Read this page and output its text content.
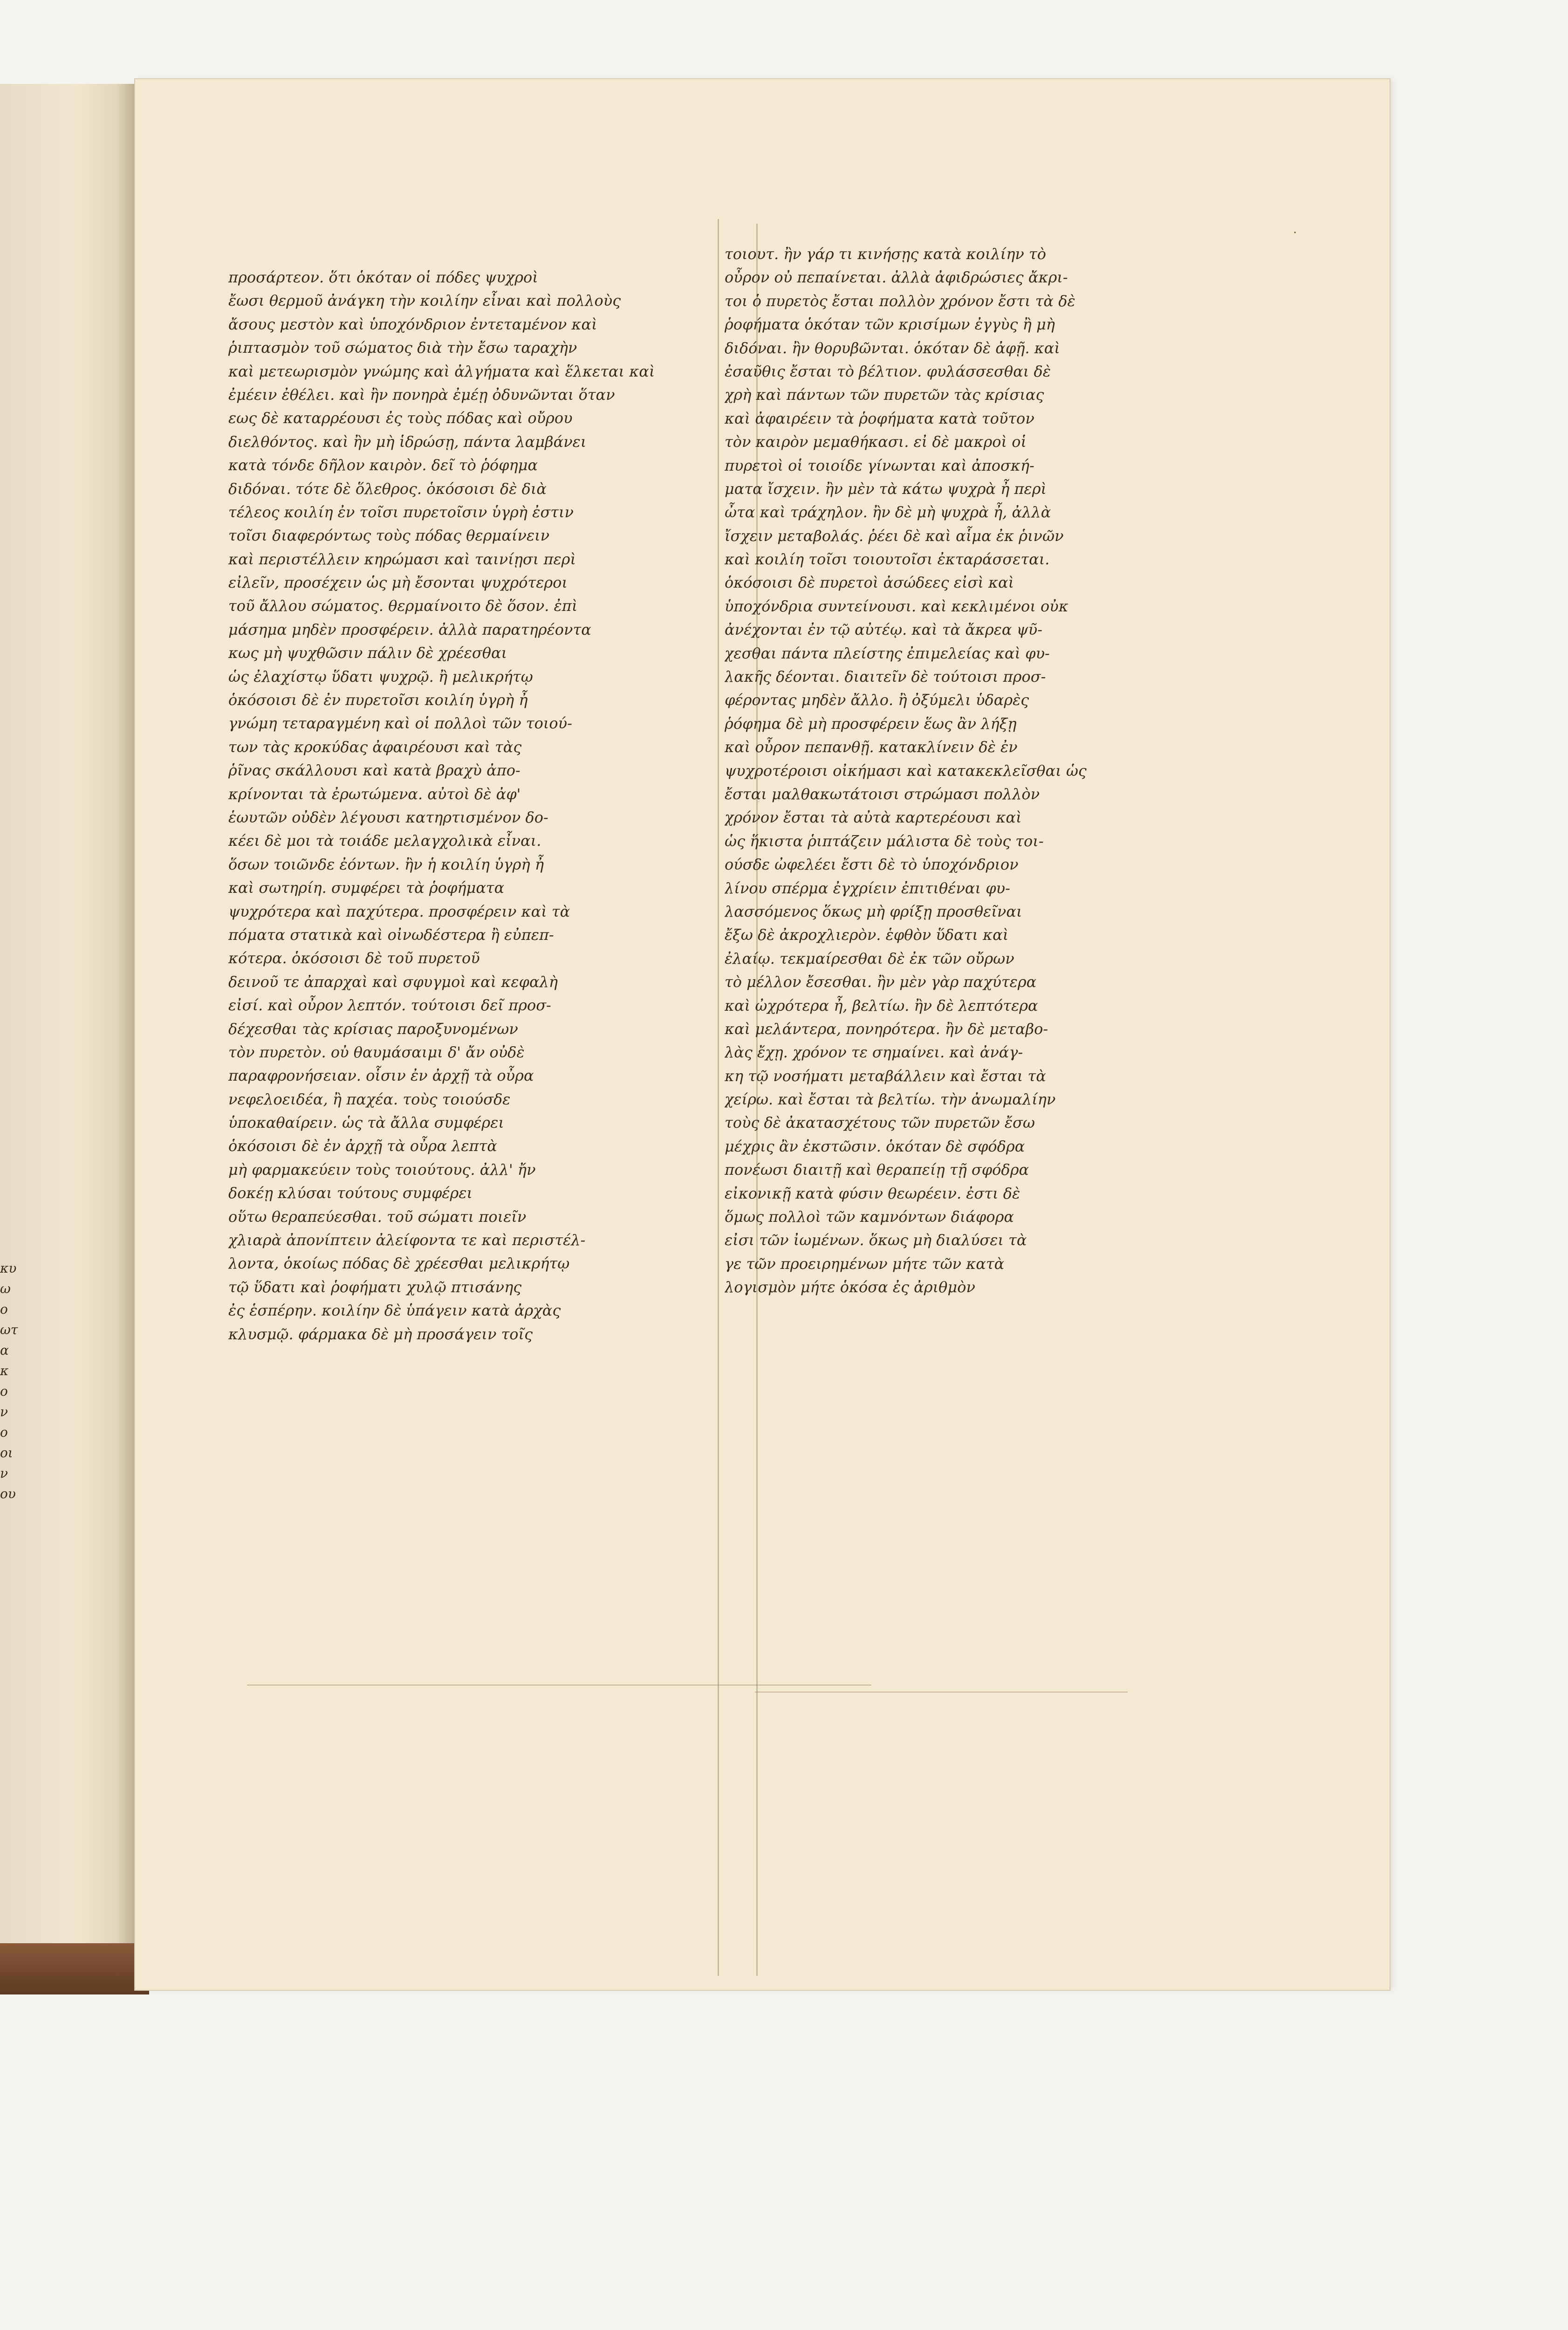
κυ
ω
ο
ωτ
α
κ
ο
ν
ο
οι
ν
ου
προσάρτεον. ὅτι ὁκόταν οἱ πόδες ψυχροὶ
ἔωσι θερμοῦ ἀνάγκη τὴν κοιλίην εἶναι καὶ πολλοὺς
ἄσους μεστὸν καὶ ὑποχόνδριον ἐντεταμένον καὶ
ῥιπτασμὸν τοῦ σώματος διὰ τὴν ἔσω ταραχὴν
καὶ μετεωρισμὸν γνώμης καὶ ἀλγήματα καὶ ἕλκεται καὶ
ἐμέειν ἐθέλει. καὶ ἢν πονηρὰ ἐμέῃ ὀδυνῶνται ὅταν
εως δὲ καταρρέουσι ἐς τοὺς πόδας καὶ οὔρου
διελθόντος. καὶ ἢν μὴ ἱδρώσῃ, πάντα λαμβάνει
κατὰ τόνδε δῆλον καιρὸν. δεῖ τὸ ῥόφημα
διδόναι. τότε δὲ ὅλεθρος. ὁκόσοισι δὲ διὰ
τέλεος κοιλίη ἐν τοῖσι πυρετοῖσιν ὑγρὴ ἐστιν
τοῖσι διαφερόντως τοὺς πόδας θερμαίνειν
καὶ περιστέλλειν κηρώμασι καὶ ταινίῃσι περὶ
εἰλεῖν, προσέχειν ὡς μὴ ἔσονται ψυχρότεροι
τοῦ ἄλλου σώματος. θερμαίνοιτο δὲ ὅσον. ἐπὶ
μάσημα μηδὲν προσφέρειν. ἀλλὰ παρατηρέοντα
κως μὴ ψυχθῶσιν πάλιν δὲ χρέεσθαι
ὡς ἐλαχίστῳ ὕδατι ψυχρῷ. ἢ μελικρήτῳ
ὁκόσοισι δὲ ἐν πυρετοῖσι κοιλίη ὑγρὴ ἦ
γνώμη τεταραγμένη καὶ οἱ πολλοὶ τῶν τοιού-
των τὰς κροκύδας ἀφαιρέουσι καὶ τὰς
ῥῖνας σκάλλουσι καὶ κατὰ βραχὺ ἀπο-
κρίνονται τὰ ἐρωτώμενα. αὐτοὶ δὲ ἀφ'
ἑωυτῶν οὐδὲν λέγουσι κατηρτισμένον δο-
κέει δὲ μοι τὰ τοιάδε μελαγχολικὰ εἶναι.
ὅσων τοιῶνδε ἐόντων. ἢν ἡ κοιλίη ὑγρὴ ἦ
καὶ σωτηρίη. συμφέρει τὰ ῥοφήματα
ψυχρότερα καὶ παχύτερα. προσφέρειν καὶ τὰ
πόματα στατικὰ καὶ οἰνωδέστερα ἢ εὐπεπ-
κότερα. ὁκόσοισι δὲ τοῦ πυρετοῦ
δεινοῦ τε ἀπαρχαὶ καὶ σφυγμοὶ καὶ κεφαλὴ
εἰσί. καὶ οὖρον λεπτόν. τούτοισι δεῖ προσ-
δέχεσθαι τὰς κρίσιας παροξυνομένων
τὸν πυρετὸν. οὐ θαυμάσαιμι δ' ἄν οὐδὲ
παραφρονήσειαν. οἷσιν ἐν ἀρχῇ τὰ οὖρα
νεφελοειδέα, ἢ παχέα. τοὺς τοιούσδε
ὑποκαθαίρειν. ὡς τὰ ἄλλα συμφέρει
ὁκόσοισι δὲ ἐν ἀρχῇ τὰ οὖρα λεπτὰ
μὴ φαρμακεύειν τοὺς τοιούτους. ἀλλ' ἤν
δοκέῃ κλύσαι τούτους συμφέρει
οὕτω θεραπεύεσθαι. τοῦ σώματι ποιεῖν
χλιαρὰ ἀπονίπτειν ἀλείφοντα τε καὶ περιστέλ-
λοντα, ὁκοίως πόδας δὲ χρέεσθαι μελικρήτῳ
τῷ ὕδατι καὶ ῥοφήματι χυλῷ πτισάνης
ἐς ἑσπέρην. κοιλίην δὲ ὑπάγειν κατὰ ἀρχὰς
κλυσμῷ. φάρμακα δὲ μὴ προσάγειν τοῖς
τοιουτ. ἢν γάρ τι κινήσῃς κατὰ κοιλίην τὸ
οὖρον οὐ πεπαίνεται. ἀλλὰ ἀφιδρώσιες ἄκρι-
τοι ὁ πυρετὸς ἔσται πολλὸν χρόνον ἔστι τὰ δὲ
ῥοφήματα ὁκόταν τῶν κρισίμων ἐγγὺς ἢ μὴ
διδόναι. ἢν θορυβῶνται. ὁκόταν δὲ ἀφῇ. καὶ
ἐσαῦθις ἔσται τὸ βέλτιον. φυλάσσεσθαι δὲ
χρὴ καὶ πάντων τῶν πυρετῶν τὰς κρίσιας
καὶ ἀφαιρέειν τὰ ῥοφήματα κατὰ τοῦτον
τὸν καιρὸν μεμαθήκασι. εἰ δὲ μακροὶ οἱ
πυρετοὶ οἱ τοιοίδε γίνωνται καὶ ἀποσκή-
ματα ἴσχειν. ἢν μὲν τὰ κάτω ψυχρὰ ἦ περὶ
ὦτα καὶ τράχηλον. ἢν δὲ μὴ ψυχρὰ ἦ, ἀλλὰ
ἴσχειν μεταβολάς. ῥέει δὲ καὶ αἷμα ἐκ ῥινῶν
καὶ κοιλίη τοῖσι τοιουτοῖσι ἐκταράσσεται.
ὁκόσοισι δὲ πυρετοὶ ἀσώδεες εἰσὶ καὶ
ὑποχόνδρια συντείνουσι. καὶ κεκλιμένοι οὐκ
ἀνέχονται ἐν τῷ αὐτέῳ. καὶ τὰ ἄκρεα ψῦ-
χεσθαι πάντα πλείστης ἐπιμελείας καὶ φυ-
λακῆς δέονται. διαιτεῖν δὲ τούτοισι προσ-
φέροντας μηδὲν ἄλλο. ἢ ὀξύμελι ὑδαρὲς
ῥόφημα δὲ μὴ προσφέρειν ἕως ἂν λήξῃ
καὶ οὖρον πεπανθῇ. κατακλίνειν δὲ ἐν
ψυχροτέροισι οἰκήμασι καὶ κατακεκλεῖσθαι ὡς
ἔσται μαλθακωτάτοισι στρώμασι πολλὸν
χρόνον ἔσται τὰ αὐτὰ καρτερέουσι καὶ
ὡς ἥκιστα ῥιπτάζειν μάλιστα δὲ τοὺς τοι-
ούσδε ὠφελέει ἔστι δὲ τὸ ὑποχόνδριον
λίνου σπέρμα ἐγχρίειν ἐπιτιθέναι φυ-
λασσόμενος ὅκως μὴ φρίξῃ προσθεῖναι
ἔξω δὲ ἀκροχλιερὸν. ἑφθὸν ὕδατι καὶ
ἐλαίῳ. τεκμαίρεσθαι δὲ ἐκ τῶν οὔρων
τὸ μέλλον ἔσεσθαι. ἢν μὲν γὰρ παχύτερα
καὶ ὠχρότερα ἦ, βελτίω. ἢν δὲ λεπτότερα
καὶ μελάντερα, πονηρότερα. ἢν δὲ μεταβο-
λὰς ἔχῃ. χρόνον τε σημαίνει. καὶ ἀνάγ-
κη τῷ νοσήματι μεταβάλλειν καὶ ἔσται τὰ
χείρω. καὶ ἔσται τὰ βελτίω. τὴν ἀνωμαλίην
τοὺς δὲ ἀκατασχέτους τῶν πυρετῶν ἔσω
μέχρις ἂν ἐκστῶσιν. ὁκόταν δὲ σφόδρα
πονέωσι διαιτῇ καὶ θεραπείῃ τῇ σφόδρα
εἰκονικῇ κατὰ φύσιν θεωρέειν. ἐστι δὲ
ὅμως πολλοὶ τῶν καμνόντων διάφορα
εἰσι τῶν ἰωμένων. ὅκως μὴ διαλύσει τὰ
γε τῶν προειρημένων μήτε τῶν κατὰ
λογισμὸν μήτε ὁκόσα ἐς ἀριθμὸν
·
